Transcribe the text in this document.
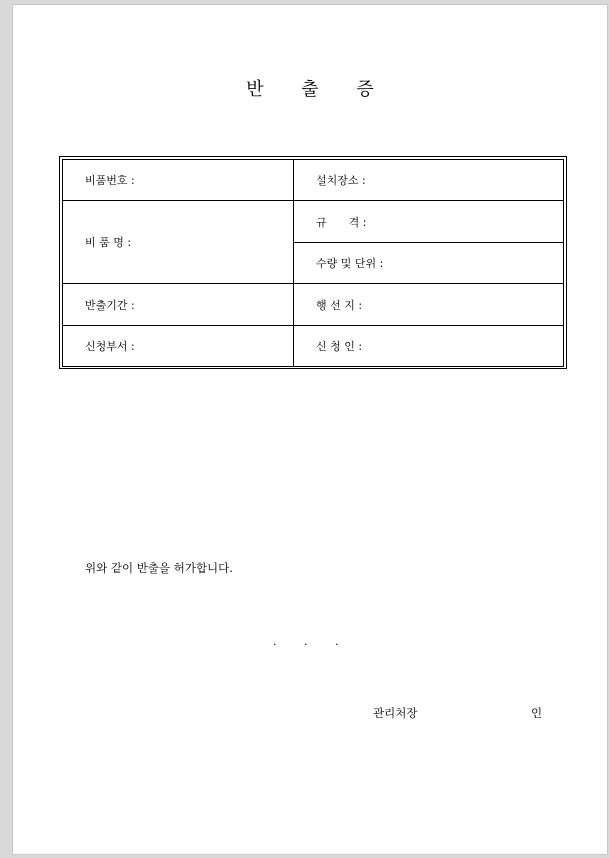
반 출 증
비품번호 :	설치장소 :
비 품 명 :	규　　격 :
	수량 및 단위 :
반출기간 :	행 선 지 :
신청부서 :	신 청 인 :
위와 같이 반출을 허가합니다.
.	.	.
관리처장	인
